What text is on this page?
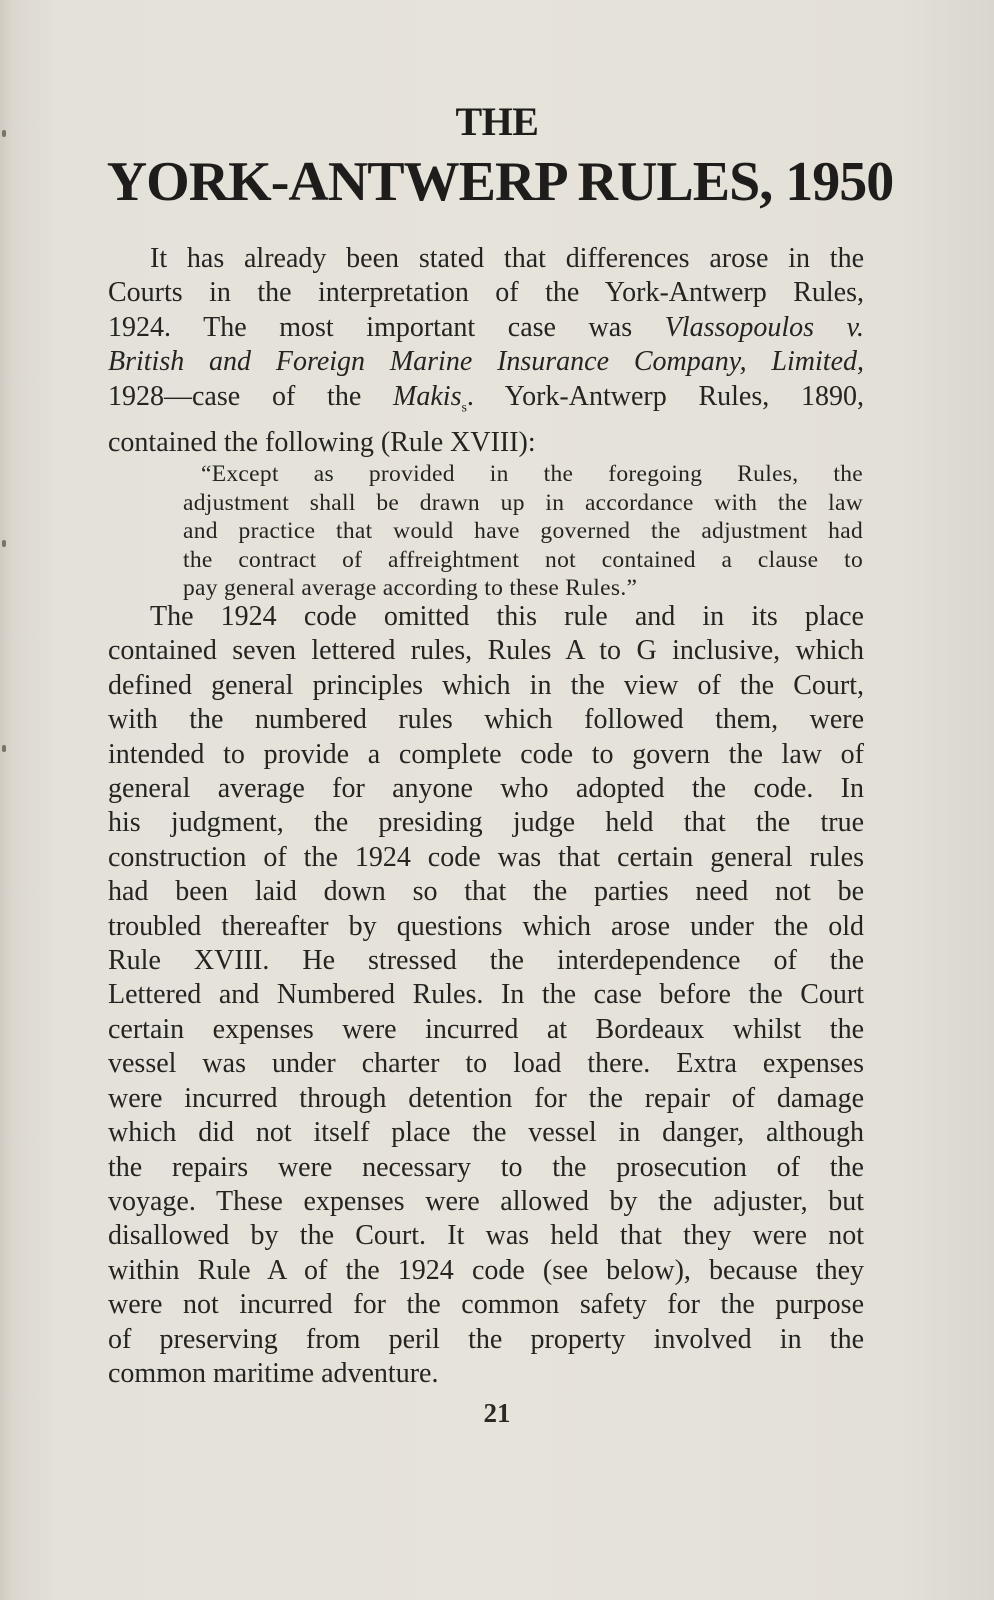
THE
YORK-ANTWERP RULES, 1950
It has already been stated that differences arose in the
Courts in the interpretation of the York-Antwerp Rules,
1924. The most important case was Vlassopoulos v.
British and Foreign Marine Insurance Company, Limited,
1928—case of the Makis$_s$. York-Antwerp Rules, 1890,
contained the following (Rule XVIII):
“Except as provided in the foregoing Rules, the
adjustment shall be drawn up in accordance with the law
and practice that would have governed the adjustment had
the contract of affreightment not contained a clause to
pay general average according to these Rules.”
The 1924 code omitted this rule and in its place
contained seven lettered rules, Rules A to G inclusive, which
defined general principles which in the view of the Court,
with the numbered rules which followed them, were
intended to provide a complete code to govern the law of
general average for anyone who adopted the code. In
his judgment, the presiding judge held that the true
construction of the 1924 code was that certain general rules
had been laid down so that the parties need not be
troubled thereafter by questions which arose under the old
Rule XVIII. He stressed the interdependence of the
Lettered and Numbered Rules. In the case before the Court
certain expenses were incurred at Bordeaux whilst the
vessel was under charter to load there. Extra expenses
were incurred through detention for the repair of damage
which did not itself place the vessel in danger, although
the repairs were necessary to the prosecution of the
voyage. These expenses were allowed by the adjuster, but
disallowed by the Court. It was held that they were not
within Rule A of the 1924 code (see below), because they
were not incurred for the common safety for the purpose
of preserving from peril the property involved in the
common maritime adventure.
21
